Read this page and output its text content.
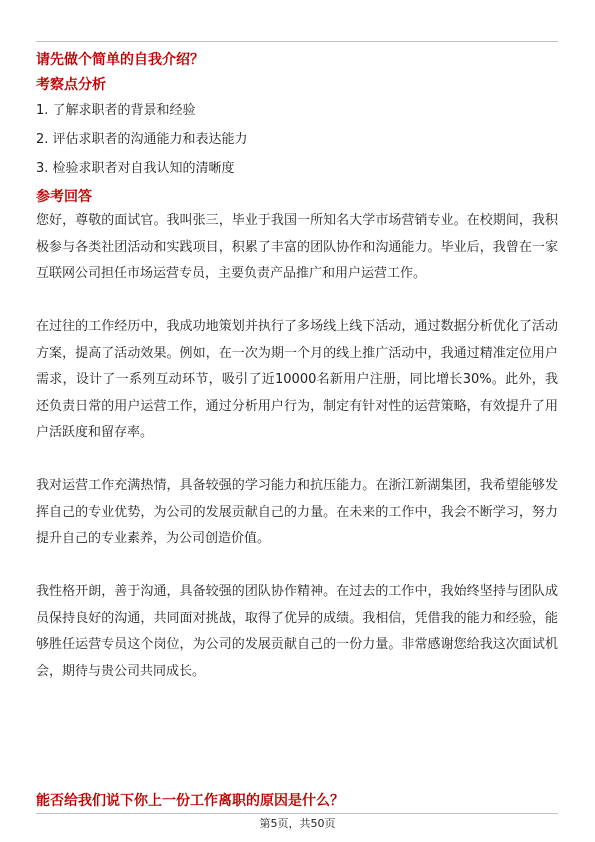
请先做个简单的自我介绍？
考察点分析
1. 了解求职者的背景和经验
2. 评估求职者的沟通能力和表达能力
3. 检验求职者对自我认知的清晰度
参考回答
您好，尊敬的面试官。我叫张三，毕业于我国一所知名大学市场营销专业。在校期间，我积极参与各类社团活动和实践项目，积累了丰富的团队协作和沟通能力。毕业后，我曾在一家互联网公司担任市场运营专员，主要负责产品推广和用户运营工作。
在过往的工作经历中，我成功地策划并执行了多场线上线下活动，通过数据分析优化了活动方案，提高了活动效果。例如，在一次为期一个月的线上推广活动中，我通过精准定位用户需求，设计了一系列互动环节，吸引了近10000名新用户注册，同比增长30%。此外，我还负责日常的用户运营工作，通过分析用户行为，制定有针对性的运营策略，有效提升了用户活跃度和留存率。
我对运营工作充满热情，具备较强的学习能力和抗压能力。在浙江新湖集团，我希望能够发挥自己的专业优势，为公司的发展贡献自己的力量。在未来的工作中，我会不断学习，努力提升自己的专业素养，为公司创造价值。
我性格开朗，善于沟通，具备较强的团队协作精神。在过去的工作中，我始终坚持与团队成员保持良好的沟通，共同面对挑战，取得了优异的成绩。我相信，凭借我的能力和经验，能够胜任运营专员这个岗位，为公司的发展贡献自己的一份力量。非常感谢您给我这次面试机会，期待与贵公司共同成长。
能否给我们说下你上一份工作离职的原因是什么？
第5页，共50页
